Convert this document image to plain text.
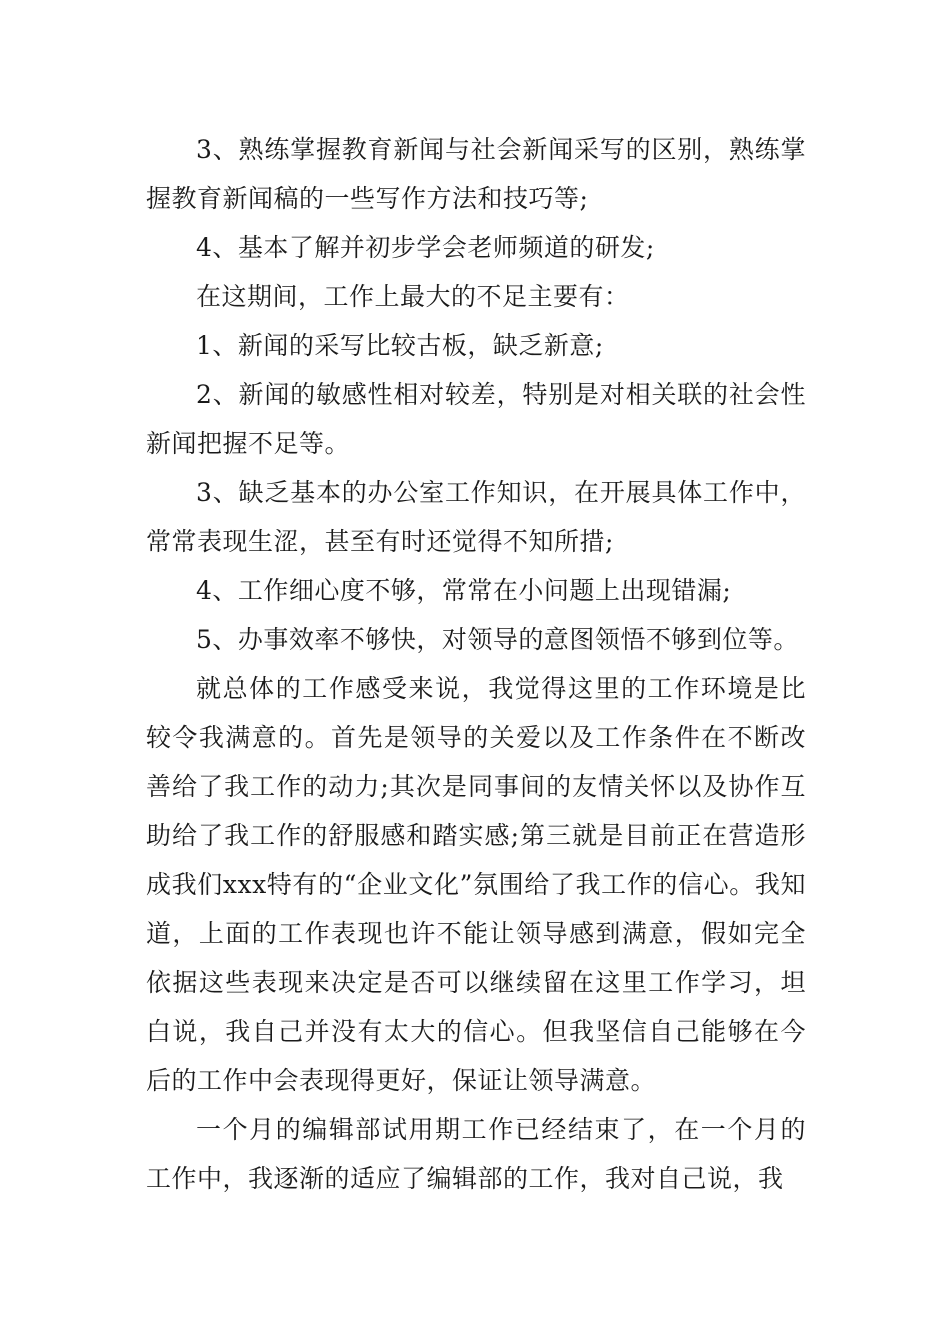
3、熟练掌握教育新闻与社会新闻采写的区别，熟练掌握教育新闻稿的一些写作方法和技巧等;

4、基本了解并初步学会老师频道的研发;

在这期间，工作上最大的不足主要有：

1、新闻的采写比较古板，缺乏新意;

2、新闻的敏感性相对较差，特别是对相关联的社会性新闻把握不足等。

3、缺乏基本的办公室工作知识，在开展具体工作中，常常表现生涩，甚至有时还觉得不知所措;

4、工作细心度不够，常常在小问题上出现错漏;

5、办事效率不够快，对领导的意图领悟不够到位等。

就总体的工作感受来说，我觉得这里的工作环境是比较令我满意的。首先是领导的关爱以及工作条件在不断改善给了我工作的动力;其次是同事间的友情关怀以及协作互助给了我工作的舒服感和踏实感;第三就是目前正在营造形成我们xxx特有的“企业文化”氛围给了我工作的信心。我知道，上面的工作表现也许不能让领导感到满意，假如完全依据这些表现来决定是否可以继续留在这里工作学习，坦白说，我自己并没有太大的信心。但我坚信自己能够在今后的工作中会表现得更好，保证让领导满意。

一个月的编辑部试用期工作已经结束了，在一个月的工作中，我逐渐的适应了编辑部的工作，我对自己说，我
